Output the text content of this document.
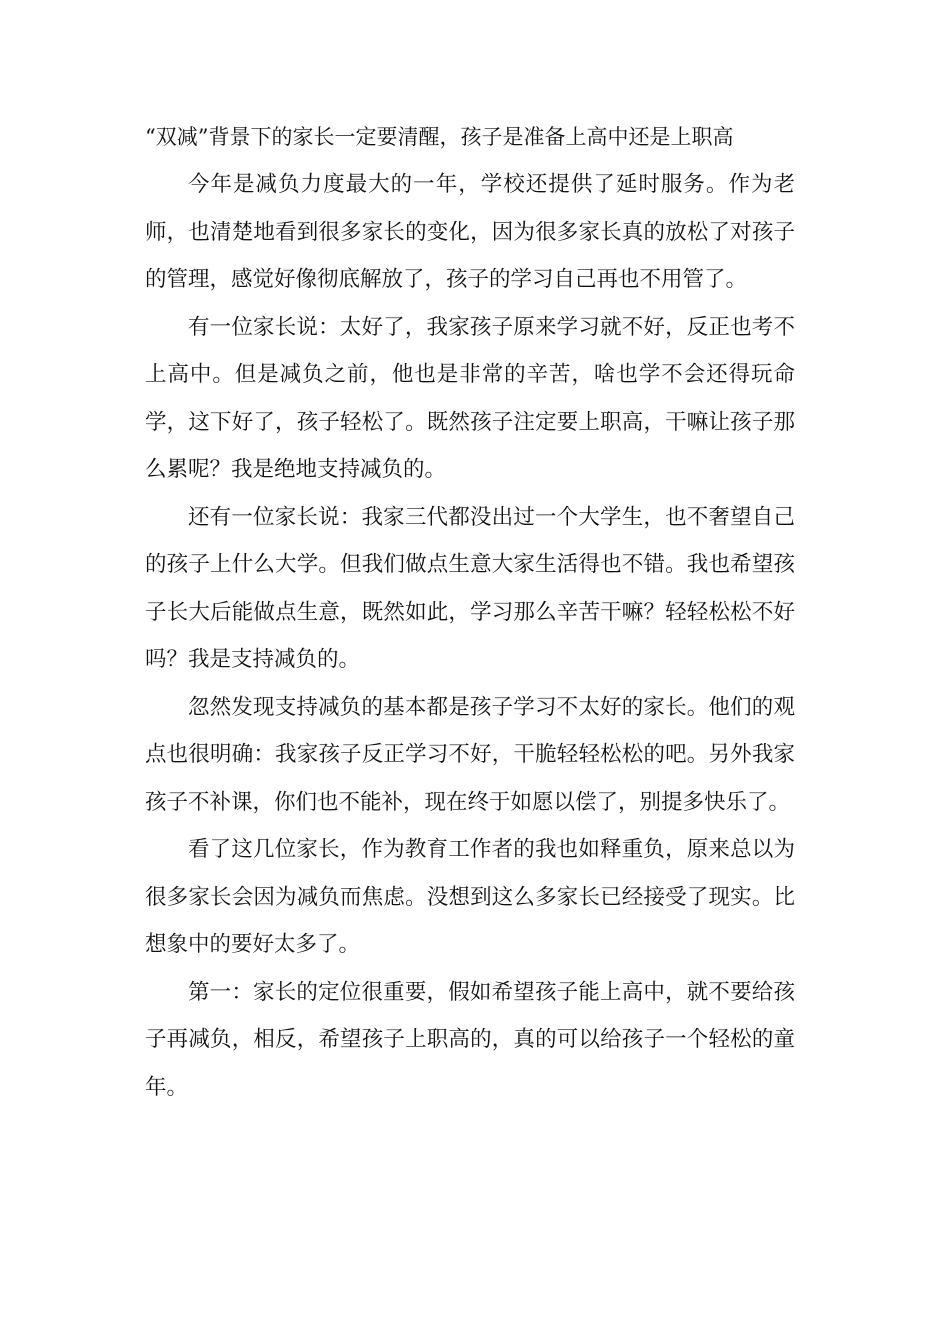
“双减”背景下的家长一定要清醒，孩子是准备上高中还是上职高

今年是减负力度最大的一年，学校还提供了延时服务。作为老师，也清楚地看到很多家长的变化，因为很多家长真的放松了对孩子的管理，感觉好像彻底解放了，孩子的学习自己再也不用管了。

有一位家长说：太好了，我家孩子原来学习就不好，反正也考不上高中。但是减负之前，他也是非常的辛苦，啥也学不会还得玩命学，这下好了，孩子轻松了。既然孩子注定要上职高，干嘛让孩子那么累呢？我是绝地支持减负的。

还有一位家长说：我家三代都没出过一个大学生，也不奢望自己的孩子上什么大学。但我们做点生意大家生活得也不错。我也希望孩子长大后能做点生意，既然如此，学习那么辛苦干嘛？轻轻松松不好吗？我是支持减负的。

忽然发现支持减负的基本都是孩子学习不太好的家长。他们的观点也很明确：我家孩子反正学习不好，干脆轻轻松松的吧。另外我家孩子不补课，你们也不能补，现在终于如愿以偿了，别提多快乐了。

看了这几位家长，作为教育工作者的我也如释重负，原来总以为很多家长会因为减负而焦虑。没想到这么多家长已经接受了现实。比想象中的要好太多了。

第一：家长的定位很重要，假如希望孩子能上高中，就不要给孩子再减负，相反，希望孩子上职高的，真的可以给孩子一个轻松的童年。
